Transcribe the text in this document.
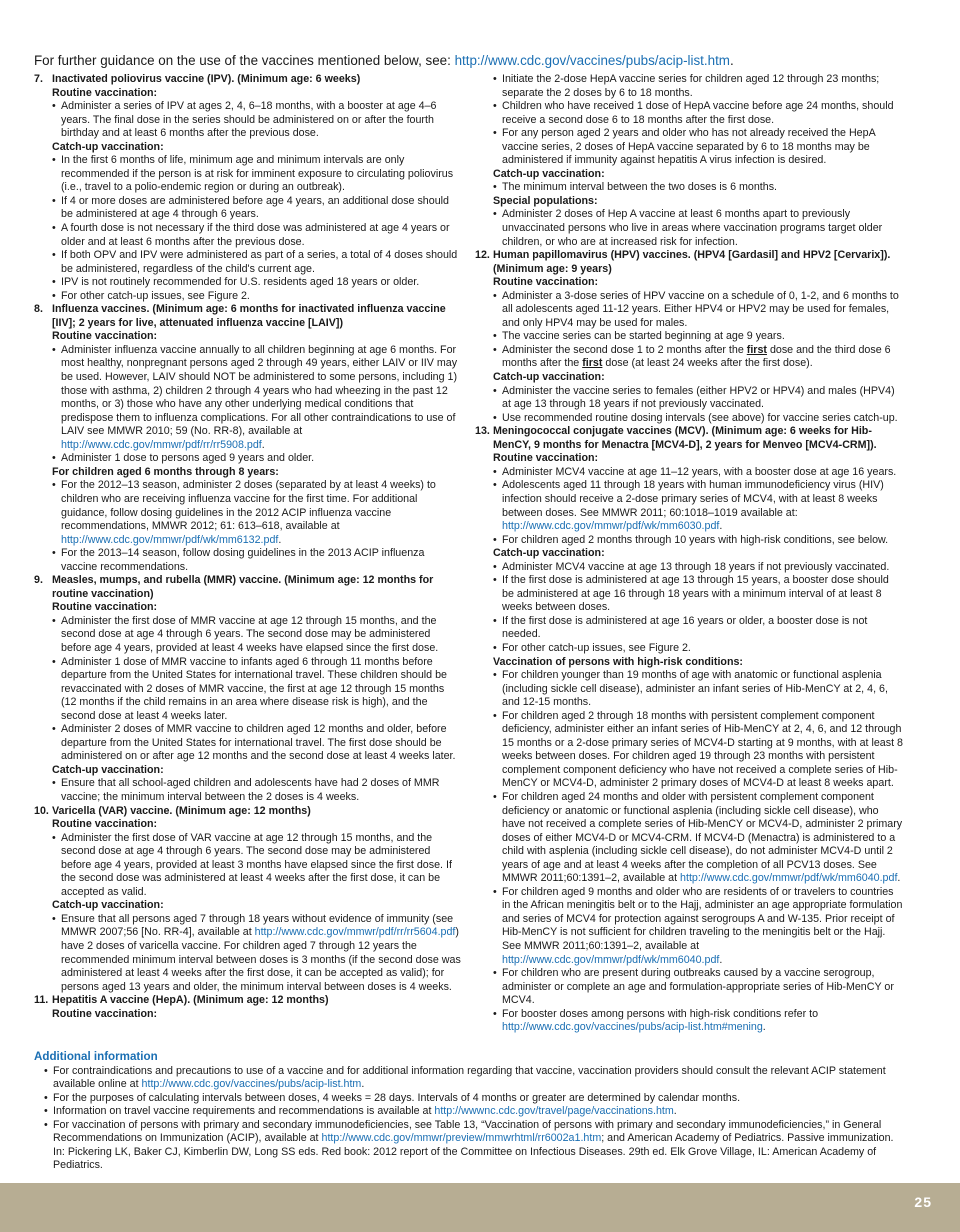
For further guidance on the use of the vaccines mentioned below, see: http://www.cdc.gov/vaccines/pubs/acip-list.htm.
7. Inactivated poliovirus vaccine (IPV). (Minimum age: 6 weeks)
Routine vaccination:
• Administer a series of IPV at ages 2, 4, 6–18 months, with a booster at age 4–6 years. The final dose in the series should be administered on or after the fourth birthday and at least 6 months after the previous dose.
Catch-up vaccination:
• In the first 6 months of life, minimum age and minimum intervals are only recommended if the person is at risk for imminent exposure to circulating poliovirus (i.e., travel to a polio-endemic region or during an outbreak).
• If 4 or more doses are administered before age 4 years, an additional dose should be administered at age 4 through 6 years.
• A fourth dose is not necessary if the third dose was administered at age 4 years or older and at least 6 months after the previous dose.
• If both OPV and IPV were administered as part of a series, a total of 4 doses should be administered, regardless of the child's current age.
• IPV is not routinely recommended for U.S. residents aged 18 years or older.
• For other catch-up issues, see Figure 2.
8. Influenza vaccines. (Minimum age: 6 months for inactivated influenza vaccine [IIV]; 2 years for live, attenuated influenza vaccine [LAIV])
Routine vaccination:
• Administer influenza vaccine annually to all children beginning at age 6 months. For most healthy, nonpregnant persons aged 2 through 49 years, either LAIV or IIV may be used. However, LAIV should NOT be administered to some persons, including 1) those with asthma, 2) children 2 through 4 years who had wheezing in the past 12 months, or 3) those who have any other underlying medical conditions that predispose them to influenza complications. For all other contraindications to use of LAIV see MMWR 2010; 59 (No. RR-8), available at http://www.cdc.gov/mmwr/pdf/rr/rr5908.pdf.
• Administer 1 dose to persons aged 9 years and older.
For children aged 6 months through 8 years:
• For the 2012–13 season, administer 2 doses (separated by at least 4 weeks) to children who are receiving influenza vaccine for the first time. For additional guidance, follow dosing guidelines in the 2012 ACIP influenza vaccine recommendations, MMWR 2012; 61: 613–618, available at http://www.cdc.gov/mmwr/pdf/wk/mm6132.pdf.
• For the 2013–14 season, follow dosing guidelines in the 2013 ACIP influenza vaccine recommendations.
9. Measles, mumps, and rubella (MMR) vaccine. (Minimum age: 12 months for routine vaccination)
Routine vaccination:
• Administer the first dose of MMR vaccine at age 12 through 15 months, and the second dose at age 4 through 6 years. The second dose may be administered before age 4 years, provided at least 4 weeks have elapsed since the first dose.
• Administer 1 dose of MMR vaccine to infants aged 6 through 11 months before departure from the United States for international travel. These children should be revaccinated with 2 doses of MMR vaccine, the first at age 12 through 15 months (12 months if the child remains in an area where disease risk is high), and the second dose at least 4 weeks later.
• Administer 2 doses of MMR vaccine to children aged 12 months and older, before departure from the United States for international travel. The first dose should be administered on or after age 12 months and the second dose at least 4 weeks later.
Catch-up vaccination:
• Ensure that all school-aged children and adolescents have had 2 doses of MMR vaccine; the minimum interval between the 2 doses is 4 weeks.
10. Varicella (VAR) vaccine. (Minimum age: 12 months)
Routine vaccination:
• Administer the first dose of VAR vaccine at age 12 through 15 months, and the second dose at age 4 through 6 years. The second dose may be administered before age 4 years, provided at least 3 months have elapsed since the first dose. If the second dose was administered at least 4 weeks after the first dose, it can be accepted as valid.
Catch-up vaccination:
• Ensure that all persons aged 7 through 18 years without evidence of immunity (see MMWR 2007;56 [No. RR-4], available at http://www.cdc.gov/mmwr/pdf/rr/rr5604.pdf) have 2 doses of varicella vaccine. For children aged 7 through 12 years the recommended minimum interval between doses is 3 months (if the second dose was administered at least 4 weeks after the first dose, it can be accepted as valid); for persons aged 13 years and older, the minimum interval between doses is 4 weeks.
11. Hepatitis A vaccine (HepA). (Minimum age: 12 months)
Routine vaccination:
• Initiate the 2-dose HepA vaccine series for children aged 12 through 23 months; separate the 2 doses by 6 to 18 months.
• Children who have received 1 dose of HepA vaccine before age 24 months, should receive a second dose 6 to 18 months after the first dose.
• For any person aged 2 years and older who has not already received the HepA vaccine series, 2 doses of HepA vaccine separated by 6 to 18 months may be administered if immunity against hepatitis A virus infection is desired.
Catch-up vaccination:
• The minimum interval between the two doses is 6 months.
Special populations:
• Administer 2 doses of Hep A vaccine at least 6 months apart to previously unvaccinated persons who live in areas where vaccination programs target older children, or who are at increased risk for infection.
12. Human papillomavirus (HPV) vaccines. (HPV4 [Gardasil] and HPV2 [Cervarix]). (Minimum age: 9 years)
Routine vaccination:
• Administer a 3-dose series of HPV vaccine on a schedule of 0, 1-2, and 6 months to all adolescents aged 11-12 years. Either HPV4 or HPV2 may be used for females, and only HPV4 may be used for males.
• The vaccine series can be started beginning at age 9 years.
• Administer the second dose 1 to 2 months after the first dose and the third dose 6 months after the first dose (at least 24 weeks after the first dose).
Catch-up vaccination:
• Administer the vaccine series to females (either HPV2 or HPV4) and males (HPV4) at age 13 through 18 years if not previously vaccinated.
• Use recommended routine dosing intervals (see above) for vaccine series catch-up.
13. Meningococcal conjugate vaccines (MCV). (Minimum age: 6 weeks for Hib-MenCY, 9 months for Menactra [MCV4-D], 2 years for Menveo [MCV4-CRM]).
Routine vaccination:
• Administer MCV4 vaccine at age 11–12 years, with a booster dose at age 16 years.
• Adolescents aged 11 through 18 years with human immunodeficiency virus (HIV) infection should receive a 2-dose primary series of MCV4, with at least 8 weeks between doses. See MMWR 2011; 60:1018–1019 available at: http://www.cdc.gov/mmwr/pdf/wk/mm6030.pdf.
• For children aged 2 months through 10 years with high-risk conditions, see below.
Catch-up vaccination:
• Administer MCV4 vaccine at age 13 through 18 years if not previously vaccinated.
• If the first dose is administered at age 13 through 15 years, a booster dose should be administered at age 16 through 18 years with a minimum interval of at least 8 weeks between doses.
• If the first dose is administered at age 16 years or older, a booster dose is not needed.
• For other catch-up issues, see Figure 2.
Vaccination of persons with high-risk conditions:
• For children younger than 19 months of age with anatomic or functional asplenia (including sickle cell disease), administer an infant series of Hib-MenCY at 2, 4, 6, and 12-15 months.
• For children aged 2 through 18 months with persistent complement component deficiency, administer either an infant series of Hib-MenCY at 2, 4, 6, and 12 through 15 months or a 2-dose primary series of MCV4-D starting at 9 months, with at least 8 weeks between doses. For children aged 19 through 23 months with persistent complement component deficiency who have not received a complete series of Hib-MenCY or MCV4-D, administer 2 primary doses of MCV4-D at least 8 weeks apart.
• For children aged 24 months and older with persistent complement component deficiency or anatomic or functional asplenia (including sickle cell disease), who have not received a complete series of Hib-MenCY or MCV4-D, administer 2 primary doses of either MCV4-D or MCV4-CRM. If MCV4-D (Menactra) is administered to a child with asplenia (including sickle cell disease), do not administer MCV4-D until 2 years of age and at least 4 weeks after the completion of all PCV13 doses. See MMWR 2011;60:1391–2, available at http://www.cdc.gov/mmwr/pdf/wk/mm6040.pdf.
• For children aged 9 months and older who are residents of or travelers to countries in the African meningitis belt or to the Hajj, administer an age appropriate formulation and series of MCV4 for protection against serogroups A and W-135. Prior receipt of Hib-MenCY is not sufficient for children traveling to the meningitis belt or the Hajj. See MMWR 2011;60:1391–2, available at http://www.cdc.gov/mmwr/pdf/wk/mm6040.pdf.
• For children who are present during outbreaks caused by a vaccine serogroup, administer or complete an age and formulation-appropriate series of Hib-MenCY or MCV4.
• For booster doses among persons with high-risk conditions refer to http://www.cdc.gov/vaccines/pubs/acip-list.htm#mening.
Additional information
• For contraindications and precautions to use of a vaccine and for additional information regarding that vaccine, vaccination providers should consult the relevant ACIP statement available online at http://www.cdc.gov/vaccines/pubs/acip-list.htm.
• For the purposes of calculating intervals between doses, 4 weeks = 28 days. Intervals of 4 months or greater are determined by calendar months.
• Information on travel vaccine requirements and recommendations is available at http://wwwnc.cdc.gov/travel/page/vaccinations.htm.
• For vaccination of persons with primary and secondary immunodeficiencies, see Table 13, “Vaccination of persons with primary and secondary immunodeficiencies,” in General Recommendations on Immunization (ACIP), available at http://www.cdc.gov/mmwr/preview/mmwrhtml/rr6002a1.htm; and American Academy of Pediatrics. Passive immunization. In: Pickering LK, Baker CJ, Kimberlin DW, Long SS eds. Red book: 2012 report of the Committee on Infectious Diseases. 29th ed. Elk Grove Village, IL: American Academy of Pediatrics.
25
